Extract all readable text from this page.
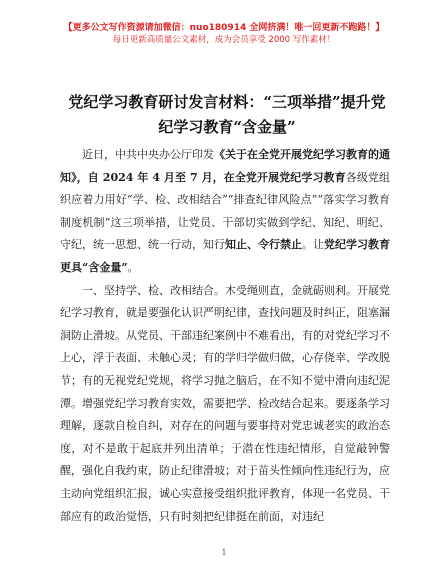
【更多公文写作资源请加微信：nuo180914 全网挤满！唯一回更新不跑路！】
每日更新高质量公文素材，成为会员享受 2000 写作素材！
党纪学习教育研讨发言材料：“三项举措”提升党纪学习教育“含金量”

近日，中共中央办公厅印发《关于在全党开展党纪学习教育的通知》，自 2024 年 4 月至 7 月，在全党开展党纪学习教育各级党组织应着力用好“学、检、改相结合”“排查纪律风险点”“落实学习教育制度机制”这三项举措，让党员、干部切实做到学纪、知纪、明纪、守纪，统一思想、统一行动，知行知止、令行禁止。让党纪学习教育更具“含金量”。

一、坚持学、检、改相结合。木受绳则直，金就砺则利。开展党纪学习教育，就是要强化认识严明纪律，查找问题及时纠正，阻塞漏洞防止滑坡。从党员、干部违纪案例中不难看出，有的对党纪学习不上心，浮于表面、未触心灵；有的学归学做归做，心存侥幸、学改脱节；有的无视党纪党规，将学习抛之脑后，在不知不觉中滑向违纪泥潭。增强党纪学习教育实效，需要把学、检改结合起来。要逐条学习理解，逐款自检自纠，对存在的问题与要事持对党忠诚老实的政治态度，对不是敢于起底并列出清单；于潜在性违纪情形，自觉敲钟警醒，强化自我约束，防止纪律滑坡；对于苗头性倾向性违纪行为，应主动向党组织汇报，诚心实意接受组织批评教育，体现一名党员、干部应有的政治觉悟，只有时刻把纪律挺在前面，对违纪

1
